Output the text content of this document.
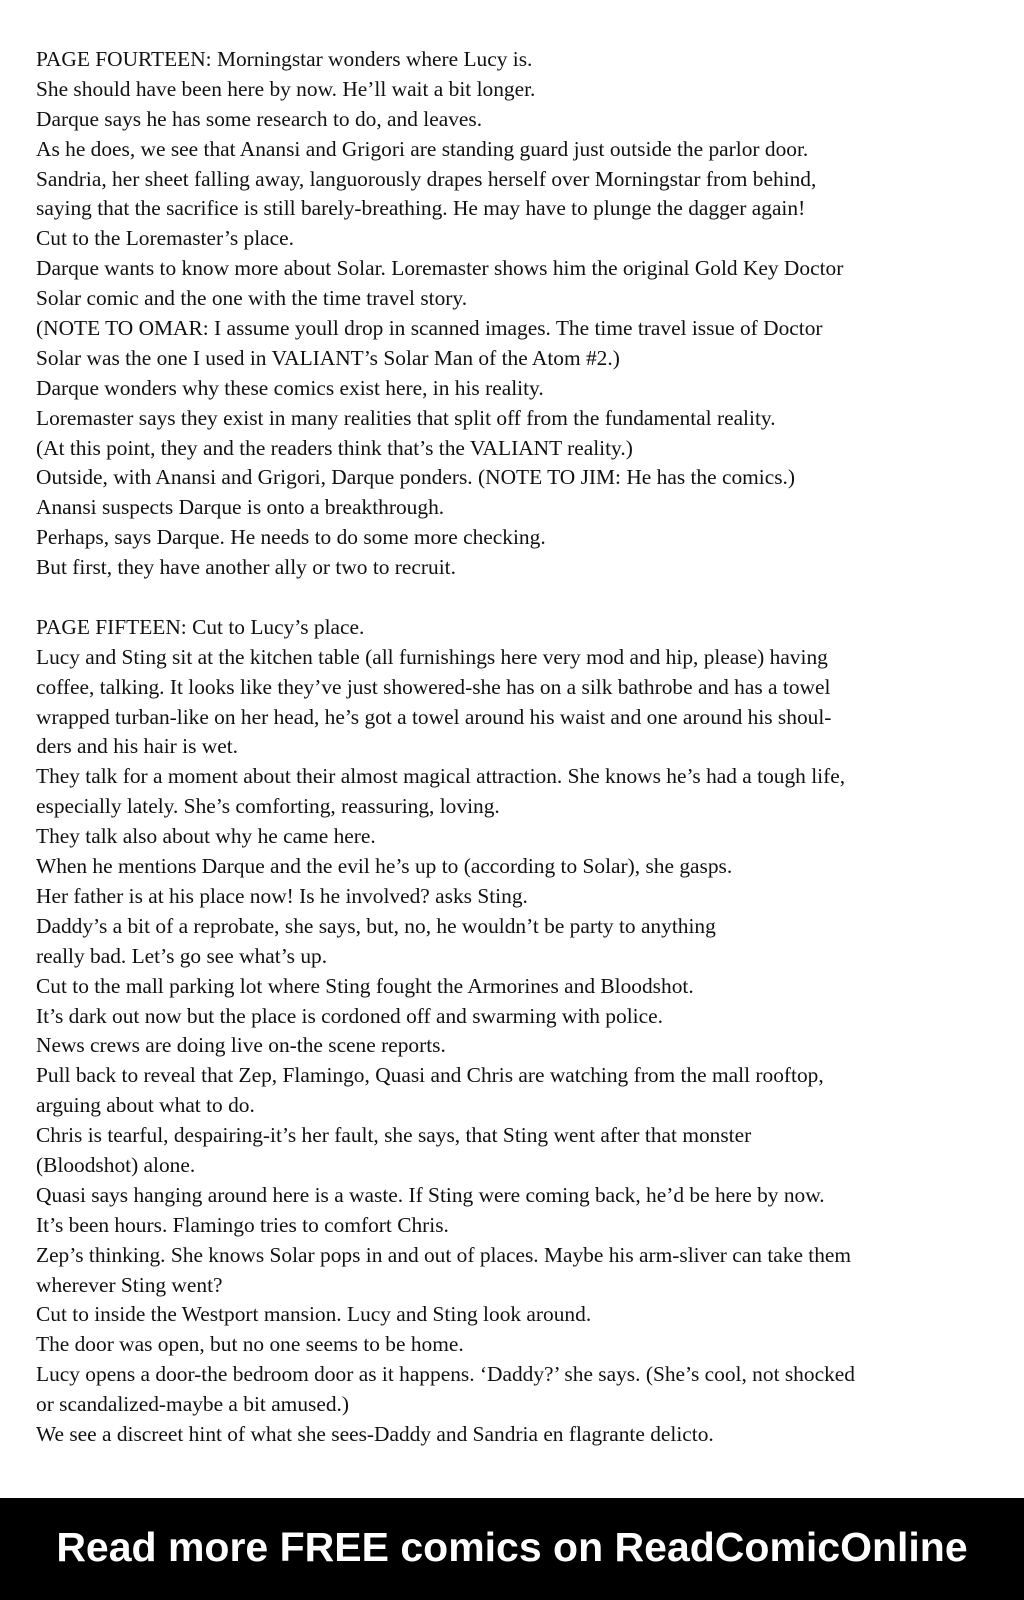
PAGE FOURTEEN: Morningstar wonders where Lucy is.
She should have been here by now. He’ll wait a bit longer.
Darque says he has some research to do, and leaves.
As he does, we see that Anansi and Grigori are standing guard just outside the parlor door.
Sandria, her sheet falling away, languorously drapes herself over Morningstar from behind,
saying that the sacrifice is still barely-breathing. He may have to plunge the dagger again!
Cut to the Loremaster’s place.
Darque wants to know more about Solar. Loremaster shows him the original Gold Key Doctor
Solar comic and the one with the time travel story.
(NOTE TO OMAR: I assume youll drop in scanned images. The time travel issue of Doctor
Solar was the one I used in VALIANT’s Solar Man of the Atom #2.)
Darque wonders why these comics exist here, in his reality.
Loremaster says they exist in many realities that split off from the fundamental reality.
(At this point, they and the readers think that’s the VALIANT reality.)
Outside, with Anansi and Grigori, Darque ponders. (NOTE TO JIM: He has the comics.)
Anansi suspects Darque is onto a breakthrough.
Perhaps, says Darque. He needs to do some more checking.
But first, they have another ally or two to recruit.
PAGE FIFTEEN: Cut to Lucy’s place.
Lucy and Sting sit at the kitchen table (all furnishings here very mod and hip, please) having
coffee, talking. It looks like they’ve just showered-she has on a silk bathrobe and has a towel
wrapped turban-like on her head, he’s got a towel around his waist and one around his shoul-
ders and his hair is wet.
They talk for a moment about their almost magical attraction. She knows he’s had a tough life,
especially lately. She’s comforting, reassuring, loving.
They talk also about why he came here.
When he mentions Darque and the evil he’s up to (according to Solar), she gasps.
Her father is at his place now! Is he involved? asks Sting.
Daddy’s a bit of a reprobate, she says, but, no, he wouldn’t be party to anything
really bad. Let’s go see what’s up.
Cut to the mall parking lot where Sting fought the Armorines and Bloodshot.
It’s dark out now but the place is cordoned off and swarming with police.
News crews are doing live on-the scene reports.
Pull back to reveal that Zep, Flamingo, Quasi and Chris are watching from the mall rooftop,
arguing about what to do.
Chris is tearful, despairing-it’s her fault, she says, that Sting went after that monster
(Bloodshot) alone.
Quasi says hanging around here is a waste. If Sting were coming back, he’d be here by now.
It’s been hours. Flamingo tries to comfort Chris.
Zep’s thinking. She knows Solar pops in and out of places. Maybe his arm-sliver can take them
wherever Sting went?
Cut to inside the Westport mansion. Lucy and Sting look around.
The door was open, but no one seems to be home.
Lucy opens a door-the bedroom door as it happens. ‘Daddy?’ she says. (She’s cool, not shocked
or scandalized-maybe a bit amused.)
We see a discreet hint of what she sees-Daddy and Sandria en flagrante delicto.
Read more FREE comics on ReadComicOnline
